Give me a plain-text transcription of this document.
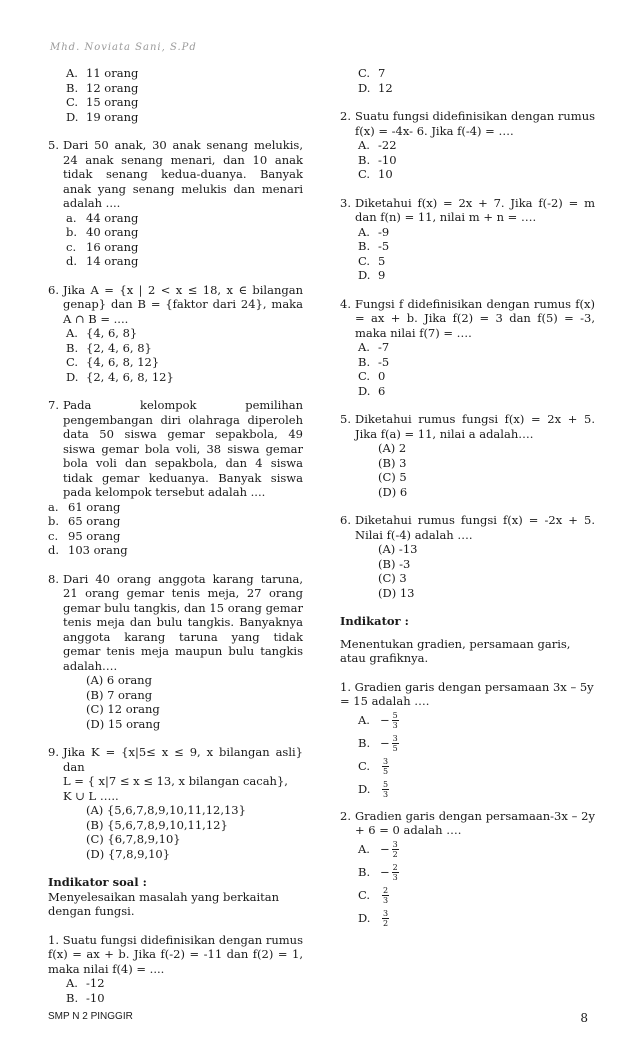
Mhd. Noviata Sani, S.Pd
A. 11 orang
B. 12 orang
C. 15 orang
D. 19 orang
5. Dari 50 anak, 30 anak senang melukis, 24 anak senang menari, dan 10 anak tidak senang kedua-duanya. Banyak anak yang senang melukis dan menari adalah ....
a. 44 orang
b. 40 orang
c. 16 orang
d. 14 orang
6. Jika A = {x | 2 < x ≤ 18, x ∈ bilangan genap} dan B = {faktor dari 24}, maka A ∩ B = ....
A. {4, 6, 8}
B. {2, 4, 6, 8}
C. {4, 6, 8, 12}
D. {2, 4, 6, 8, 12}
7. Pada kelompok pemilihan pengembangan diri olahraga diperoleh data 50 siswa gemar sepakbola, 49 siswa gemar bola voli, 38 siswa gemar bola voli dan sepakbola, dan 4 siswa tidak gemar keduanya. Banyak siswa pada kelompok tersebut adalah ....
a. 61 orang
b. 65 orang
c. 95 orang
d. 103 orang
8. Dari 40 orang anggota karang taruna, 21 orang gemar tenis meja, 27 orang gemar bulu tangkis, dan 15 orang gemar tenis meja dan bulu tangkis. Banyaknya anggota karang taruna yang tidak gemar tenis meja maupun bulu tangkis adalah….
(A) 6 orang
(B) 7 orang
(C) 12 orang
(D) 15 orang
9. Jika K = {x|5≤ x ≤ 9, x bilangan asli} dan
L = { x|7 ≤ x ≤ 13, x bilangan cacah},
K ∪ L …..
(A) {5,6,7,8,9,10,11,12,13}
(B) {5,6,7,8,9,10,11,12}
(C) {6,7,8,9,10}
(D) {7,8,9,10}
Indikator soal :
Menyelesaikan masalah yang berkaitan dengan fungsi.
1. Suatu fungsi didefinisikan dengan rumus f(x) = ax + b. Jika f(-2) = -11 dan f(2) = 1, maka nilai f(4) = ....
A. -12
B. -10
C. 7
D. 12
2. Suatu fungsi didefinisikan dengan rumus f(x) = -4x- 6. Jika f(-4) = ….
A. -22
B. -10
C. 10
3. Diketahui f(x) = 2x + 7. Jika f(-2) = m dan f(n) = 11, nilai m + n = ….
A. -9
B. -5
C. 5
D. 9
4. Fungsi f didefinisikan dengan rumus f(x) = ax + b. Jika f(2) = 3 dan f(5) = -3, maka nilai f(7) = ….
A. -7
B. -5
C. 0
D. 6
5. Diketahui rumus fungsi f(x) = 2x + 5. Jika f(a) = 11, nilai a adalah….
(A) 2
(B) 3
(C) 5
(D) 6
6. Diketahui rumus fungsi f(x) = -2x + 5. Nilai f(-4) adalah ….
(A) -13
(B) -3
(C) 3
(D) 13
Indikator :
Menentukan gradien, persamaan garis, atau grafiknya.
1. Gradien garis dengan persamaan 3x – 5y = 15 adalah ….
A. − $\frac{5}{3}$
B. − $\frac{3}{5}$
C.	$\frac{3}{5}$
D.	$\frac{5}{3}$
2. Gradien garis dengan persamaan-3x – 2y + 6 = 0 adalah ….
A. − $\frac{3}{2}$
B. − $\frac{2}{3}$
C.	$\frac{2}{3}$
D.	$\frac{3}{2}$
SMP N 2 PINGGIR	8
